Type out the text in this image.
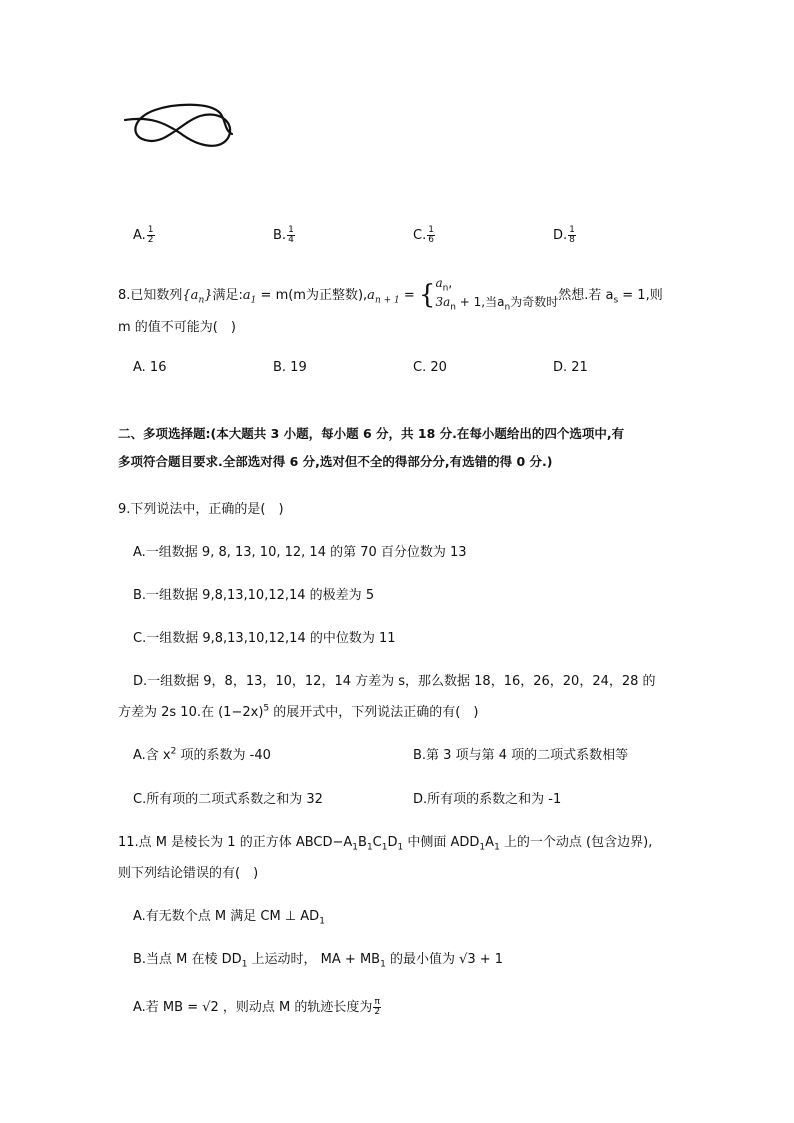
A. $\frac{1}{2}$	B. $\frac{1}{4}$	C. $\frac{1}{6}$	D. $\frac{1}{8}$
8.已知数列$\{a_n\}$满足$:a_1 = m(m$为正整数)$,a_{n + 1}$ = { $a_n$,
$3a_n + 1$,当$a_n$为奇数时 然想.若 $a_s = 1$,则
m 的值不可能为(　)
A. 16	B. 19	C. 20	D. 21
二、多项选择题:(本大题共 3 小题，每小题 6 分，共 18 分.在每小题给出的四个选项中,有
多项符合题目要求.全部选对得 6 分,选对但不全的得部分分,有选错的得 0 分.)
9.下列说法中，正确的是(　)
A.一组数据 9, 8, 13, 10, 12, 14 的第 70 百分位数为 13
B.一组数据 9,8,13,10,12,14 的极差为 5
C.一组数据 9,8,13,10,12,14 的中位数为 11
D.一组数据 9，8，13，10，12，14 方差为 s，那么数据 18，16，26，20，24，28 的
方差为 2s 10.在 $(1-2x)^5$ 的展开式中，下列说法正确的有(　)
A.含 $x^2$ 项的系数为 -40	B.第 3 项与第 4 项的二项式系数相等
C.所有项的二项式系数之和为 32	D.所有项的系数之和为 -1
11.点 M 是棱长为 1 的正方体 $ABCD-A_1B_1C_1D_1$ 中侧面 $ADD_1A_1$ 上的一个动点 (包含边界),
则下列结论错误的有(　)
A.有无数个点 M 满足 CM ⊥ $AD_1$
B.当点 M 在棱 $DD_1$ 上运动时， MA + $MB_1$ 的最小值为 √3 + 1
A.若 MB = √2 ，则动点 M 的轨迹长度为 $\frac{\pi}{2}$
